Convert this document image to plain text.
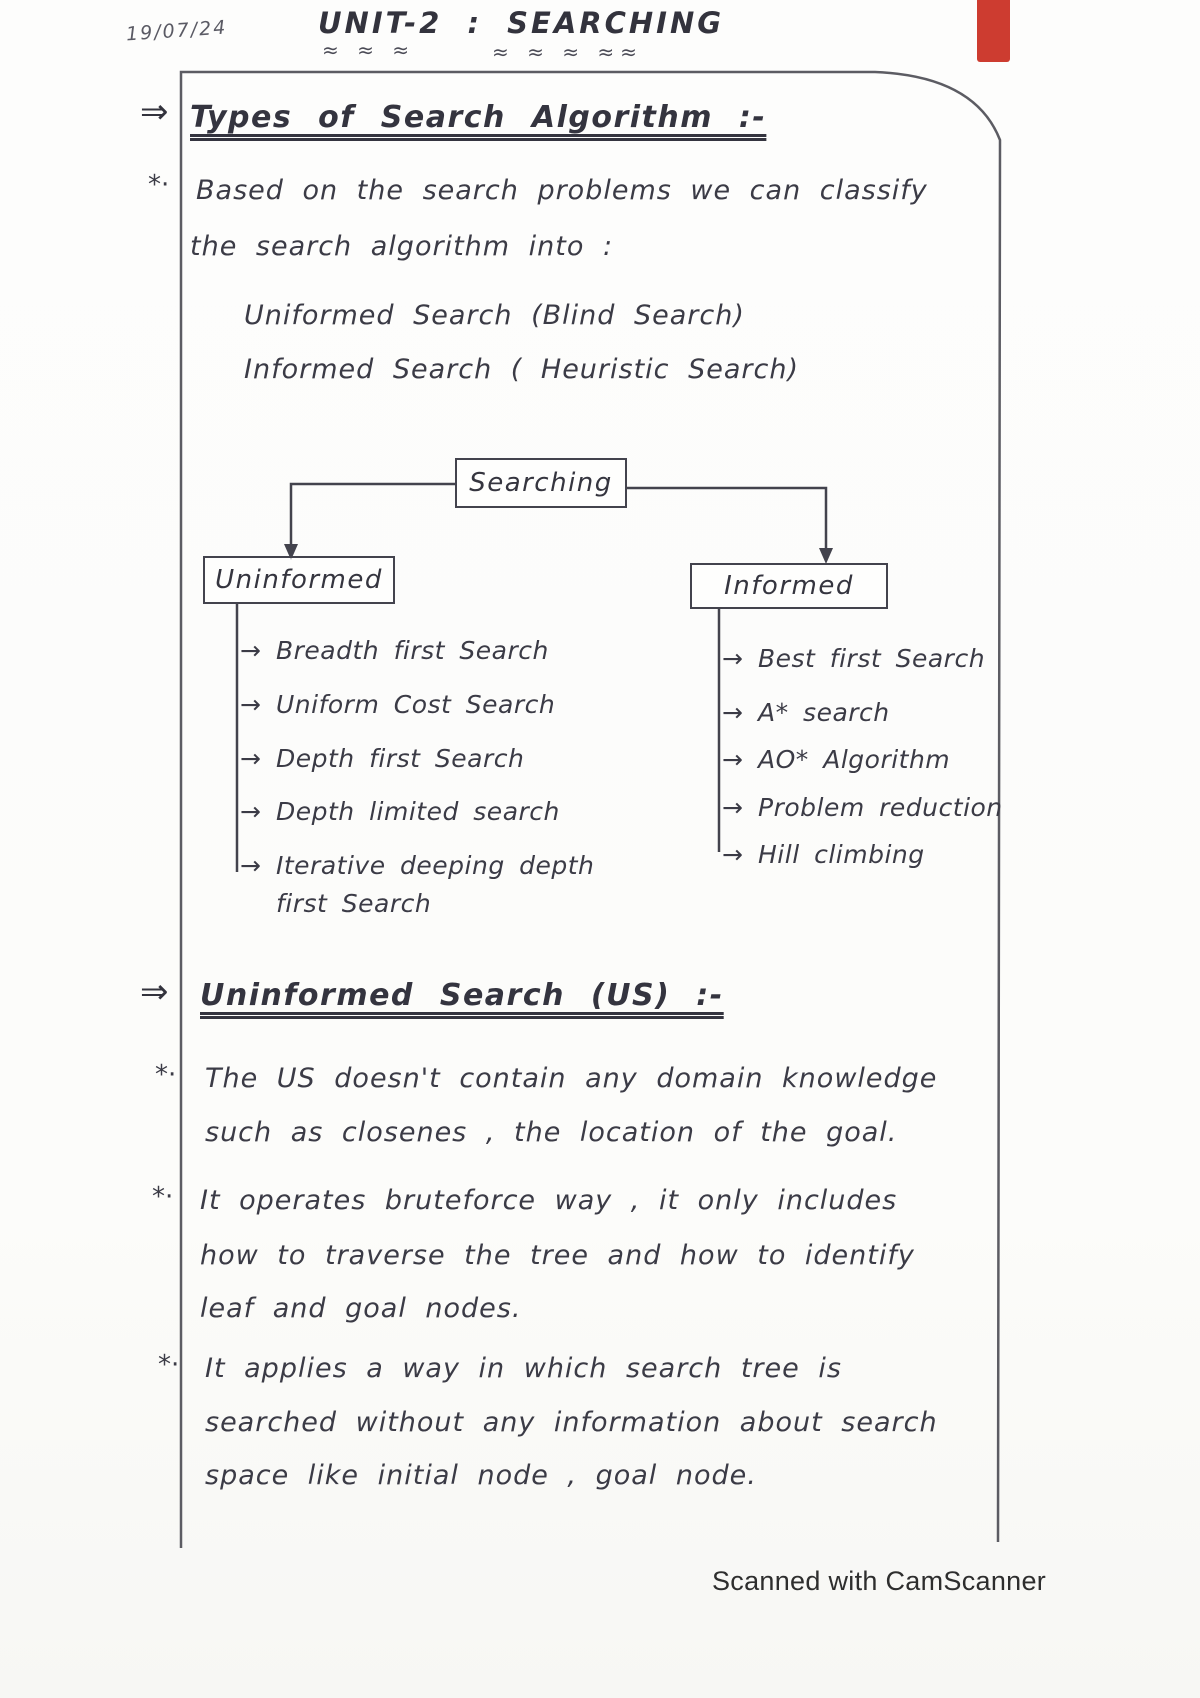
19/07/24	UNIT-2 : SEARCHING
≈ ≈ ≈	≈ ≈ ≈ ≈≈
⇒ Types of Search Algorithm :-
*· Based on the search problems we can classify
the search algorithm into :
Uniformed Search (Blind Search)
Informed Search ( Heuristic Search)
Searching
Uninformed	Informed
→ Breadth first Search
→ Uniform Cost Search
→ Depth first Search
→ Depth limited search
→ Iterative deeping depth first Search
→ Best first Search
→ A* search
→ AO* Algorithm
→ Problem reduction
→ Hill climbing
⇒ Uninformed Search (US) :-
*· The US doesn't contain any domain knowledge
such as closenes , the location of the goal.
*· It operates bruteforce way , it only includes
how to traverse the tree and how to identify
leaf and goal nodes.
*· It applies a way in which search tree is
searched without any information about search
space like initial node , goal node.
Scanned with CamScanner
